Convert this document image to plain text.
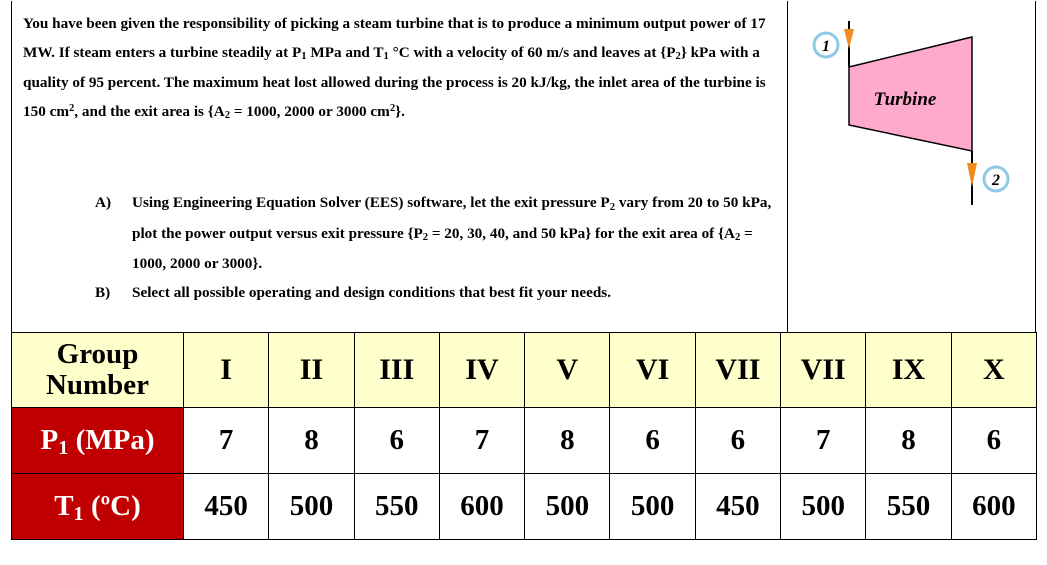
You have been given the responsibility of picking a steam turbine that is to produce a minimum output power of 17 MW. If steam enters a turbine steadily at $P_1$ MPa and $T_1$ °C with a velocity of 60 m/s and leaves at $\{P_2\}$ kPa with a quality of 95 percent. The maximum heat lost allowed during the process is 20 kJ/kg, the inlet area of the turbine is 150 $cm^2$, and the exit area is {$A_2 = 1000$, 2000 or 3000 $cm^2$}.

A) Using Engineering Equation Solver (EES) software, let the exit pressure $P_2$ vary from 20 to 50 kPa, plot the power output versus exit pressure {$P_2 = 20$, 30, 40, and 50 kPa} for the exit area of {$A_2 = 1000$, 2000 or 3000}.
B) Select all possible operating and design conditions that best fit your needs.
1
Turbine
2
Group Number	I	II	III	IV	V	VI	VII	VII	IX	X
$P_1$ (MPa)	7	8	6	7	8	6	6	7	8	6
$T_1$ (ºC)	450	500	550	600	500	500	450	500	550	600
